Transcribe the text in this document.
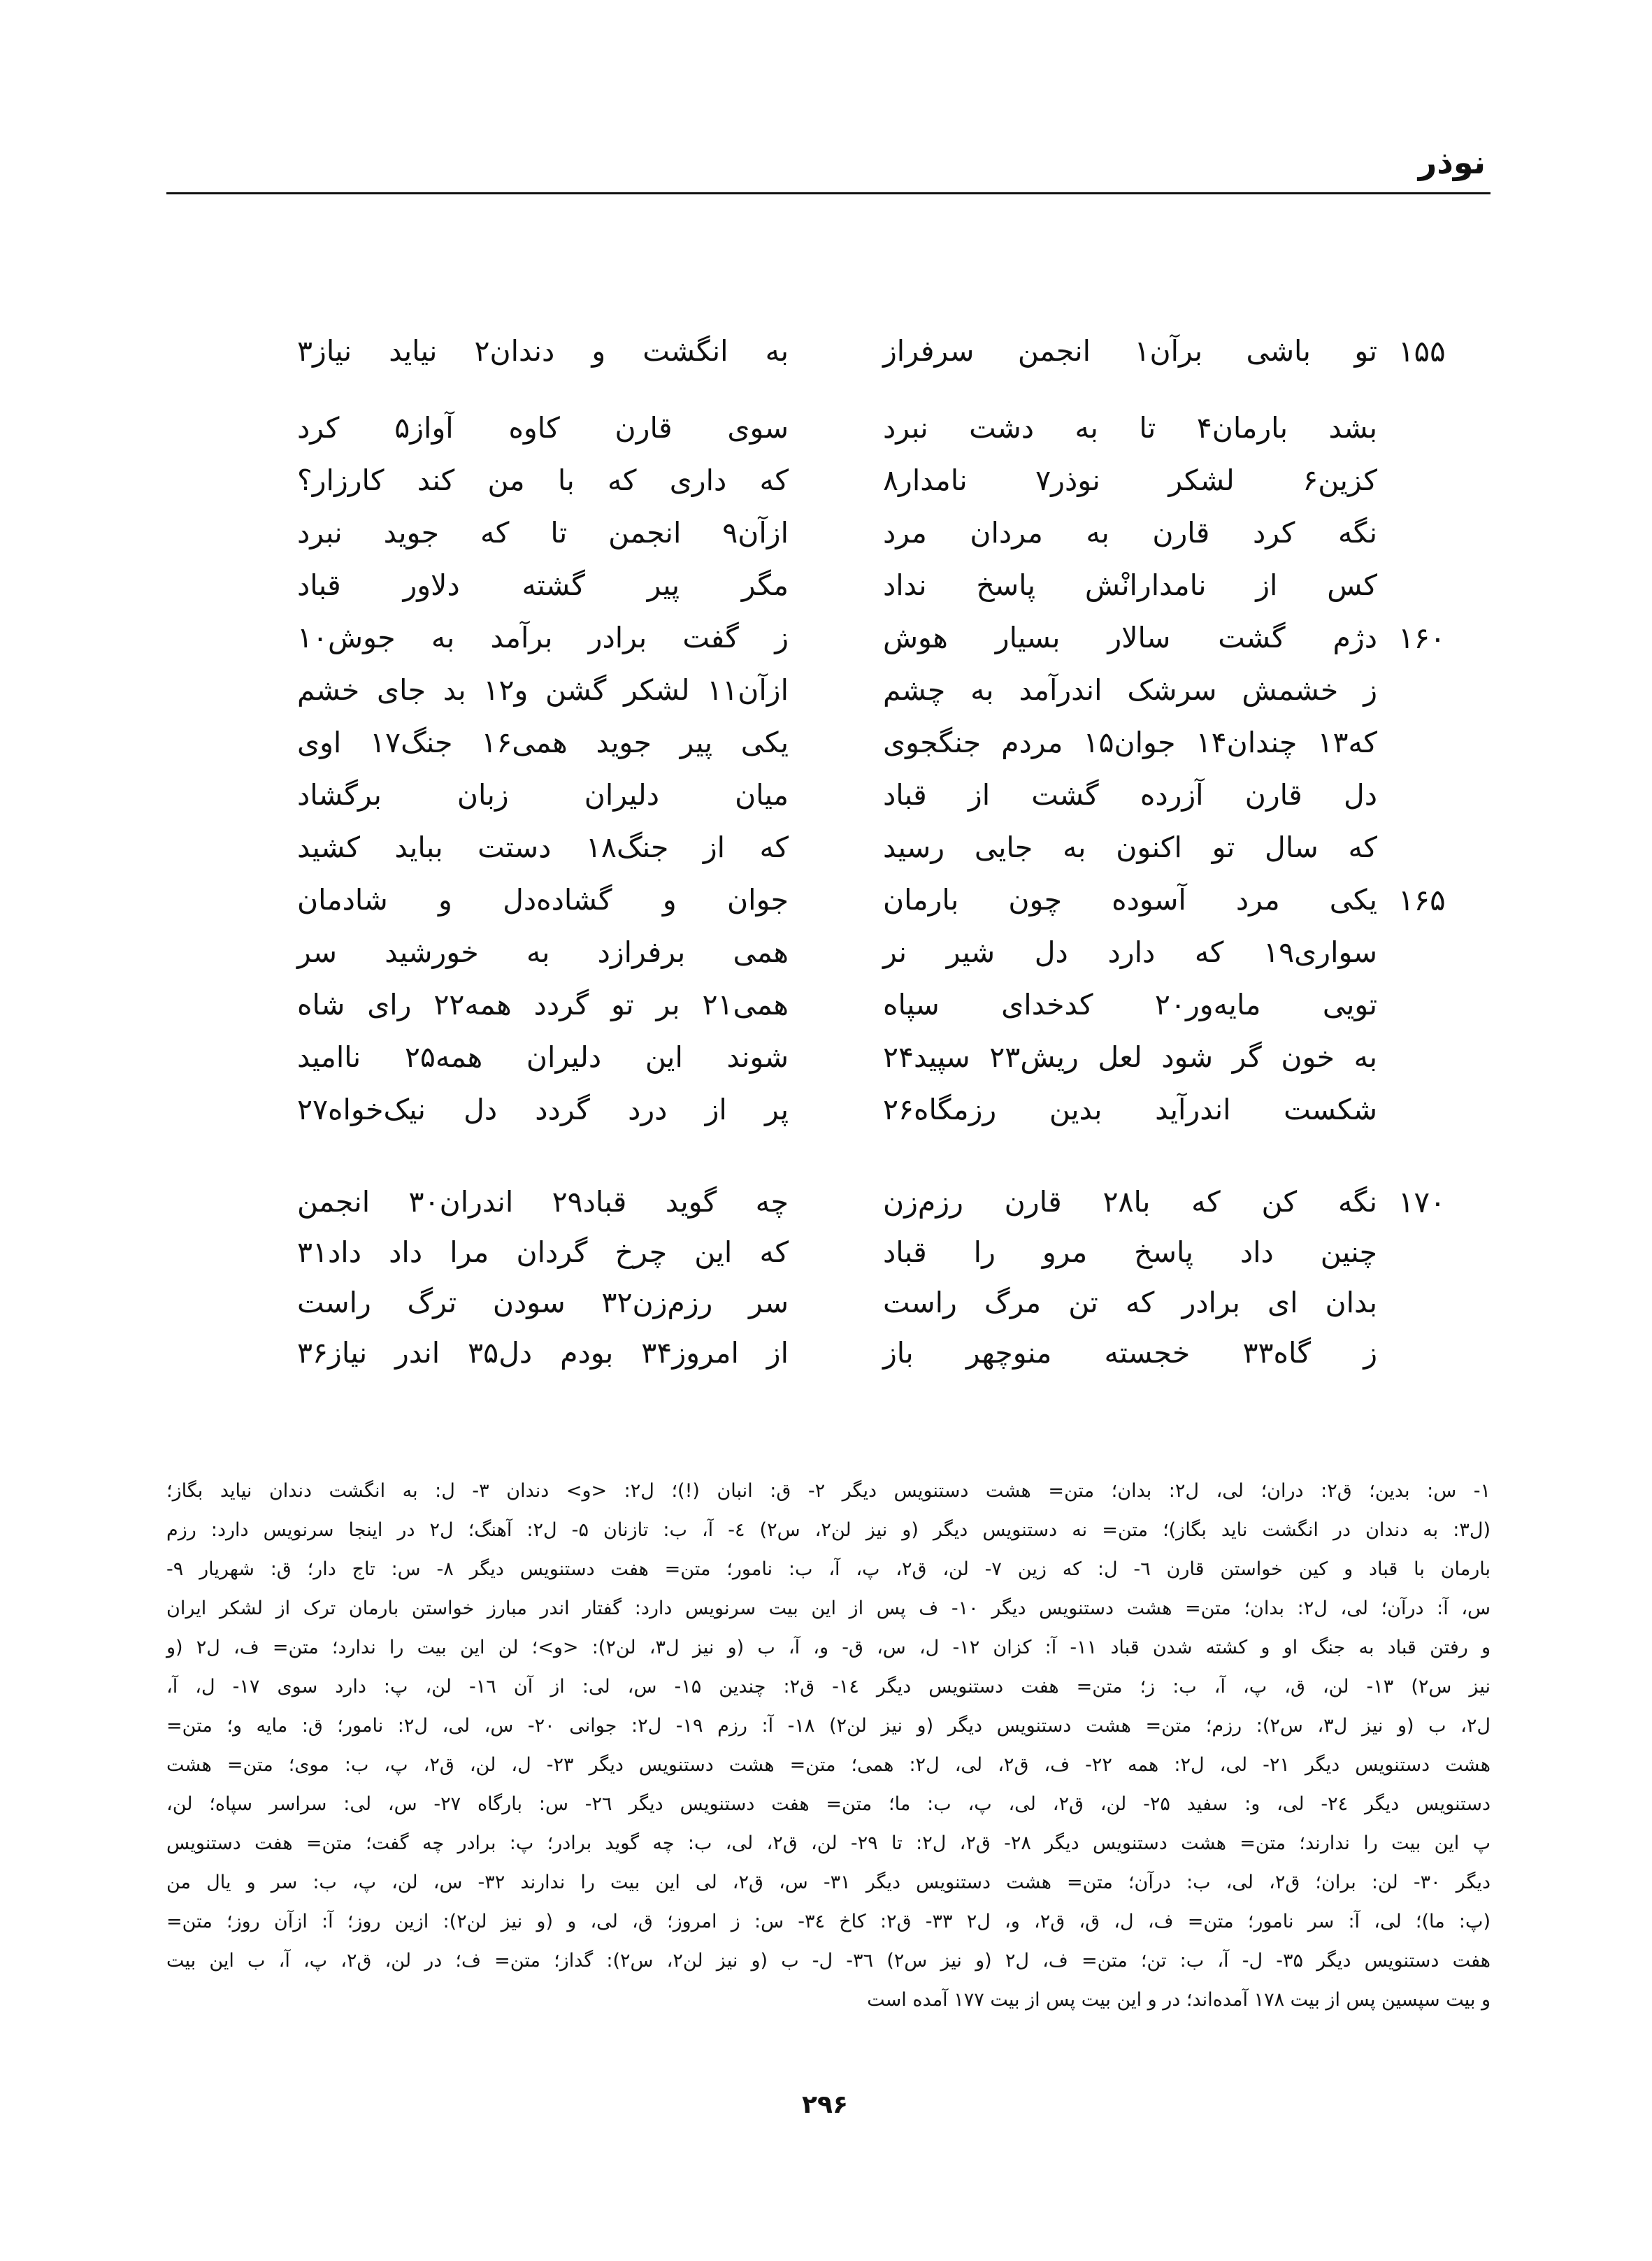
نوذر
۱۵۵
تو باشی برآن۱ انجمن سرفراز
به انگشت و دندان۲ نیاید نیاز۳
بشد بارمان۴ تا به دشت نبرد
سوی قارن کاوه آواز۵ کرد
کزین۶ لشکر نوذر۷ نامدار۸
که داری که با من کند کارزار؟
نگه کرد قارن به مردان مرد
ازآن۹ انجمن تا که جوید نبرد
کس از نامدارانْش پاسخ نداد
مگر پیر گشته دلاور قباد
۱۶۰
دژم گشت سالار بسیار هوش
ز گفت برادر برآمد به جوش۱۰
ز خشمش سرشک اندرآمد به چشم
ازآن۱۱ لشکر گشن و۱۲ بد جای خشم
که۱۳ چندان۱۴ جوان۱۵ مردم جنگجوی
یکی پیر جوید همی۱۶ جنگ۱۷ اوی
دل قارن آزرده گشت از قباد
میان دلیران زبان برگشاد
که سال تو اکنون به جایی رسید
که از جنگ۱۸ دستت بباید کشید
۱۶۵
یکی مرد آسوده چون بارمان
جوان و گشاده‌دل و شادمان
سواری۱۹ که دارد دل شیر نر
همی برفرازد به خورشید سر
تویی مایه‌ور۲۰ کدخدای سپاه
همی۲۱ بر تو گردد همه۲۲ رای شاه
به خون گر شود لعل ریش۲۳ سپید۲۴
شوند این دلیران همه۲۵ ناامید
شکست اندرآید بدین رزمگاه۲۶
پر از درد گردد دل نیک‌خواه۲۷
۱۷۰
نگه کن که با۲۸ قارن رزم‌زن
چه گوید قباد۲۹ اندران۳۰ انجمن
چنین داد پاسخ مرو را قباد
که این چرخ گردان مرا داد داد۳۱
بدان ای برادر که تن مرگ راست
سر رزم‌زن۳۲ سودن ترگ راست
ز گاه۳۳ خجسته منوچهر باز
از امروز۳۴ بودم دل۳۵ اندر نیاز۳۶
۱- س: بدین؛ ق۲: دران؛ لی، ل۲: بدان؛ متن= هشت دستنویس دیگر ۲- ق: انبان (!)؛ ل۲: <و> دندان ۳- ل: به انگشت دندان نیاید بگاز؛
(ل۳: به دندان در انگشت ناید بگاز)؛ متن= نه دستنویس دیگر (و نیز لن۲، س۲) ٤- آ، ب: تازنان ۵- ل۲: آهنگ؛ ل۲ در اینجا سرنویس دارد: رزم
بارمان با قباد و کین خواستن قارن ٦- ل: که زین ۷- لن، ق۲، پ، آ، ب: نامور؛ متن= هفت دستنویس دیگر ۸- س: تاج دار؛ ق: شهریار ۹-
س، آ: درآن؛ لی، ل۲: بدان؛ متن= هشت دستنویس دیگر ۱۰- ف پس از این بیت سرنویس دارد: گفتار اندر مبارز خواستن بارمان ترک از لشکر ایران
و رفتن قباد به جنگ او و کشته شدن قباد ۱۱- آ: کزان ۱۲- ل، س، ق- و، آ، ب (و نیز ل۳، لن۲): <و>؛ لن این بیت را ندارد؛ متن= ف، ل۲ (و
نیز س۲) ۱۳- لن، ق، پ، آ، ب: ز؛ متن= هفت دستنویس دیگر ۱٤- ق۲: چندین ۱۵- س، لی: از آن ۱٦- لن، پ: دارد سوی ۱۷- ل، آ،
ل۲، ب (و نیز ل۳، س۲): رزم؛ متن= هشت دستنویس دیگر (و نیز لن۲) ۱۸- آ: رزم ۱۹- ل۲: جوانی ۲۰- س، لی، ل۲: نامور؛ ق: مایه و؛ متن=
هشت دستنویس دیگر ۲۱- لی، ل۲: همه ۲۲- ف، ق۲، لی، ل۲: همی؛ متن= هشت دستنویس دیگر ۲۳- ل، لن، ق۲، پ، ب: موی؛ متن= هشت
دستنویس دیگر ۲٤- لی، و: سفید ۲۵- لن، ق۲، لی، پ، ب: ما؛ متن= هفت دستنویس دیگر ۲٦- س: بارگاه ۲۷- س، لی: سراسر سپاه؛ لن،
پ این بیت را ندارند؛ متن= هشت دستنویس دیگر ۲۸- ق۲، ل۲: تا ۲۹- لن، ق۲، لی، ب: چه گوید برادر؛ پ: برادر چه گفت؛ متن= هفت دستنویس
دیگر ۳۰- لن: بران؛ ق۲، لی، ب: درآن؛ متن= هشت دستنویس دیگر ۳۱- س، ق۲، لی این بیت را ندارند ۳۲- س، لن، پ، ب: سر و یال من
(پ: ما)؛ لی، آ: سر نامور؛ متن= ف، ل، ق، ق۲، و، ل۲ ۳۳- ق۲: کاخ ۳٤- س: ز امروز؛ ق، لی، و (و نیز لن۲): ازین روز؛ آ: ازآن روز؛ متن=
هفت دستنویس دیگر ۳۵- ل- آ، ب: تن؛ متن= ف، ل۲ (و نیز س۲) ۳٦- ل- ب (و نیز لن۲، س۲): گداز؛ متن= ف؛ در لن، ق۲، پ، آ، ب این بیت
و بیت سپسین پس از بیت ۱۷۸ آمده‌اند؛ در و این بیت پس از بیت ۱۷۷ آمده است
۲۹۶
